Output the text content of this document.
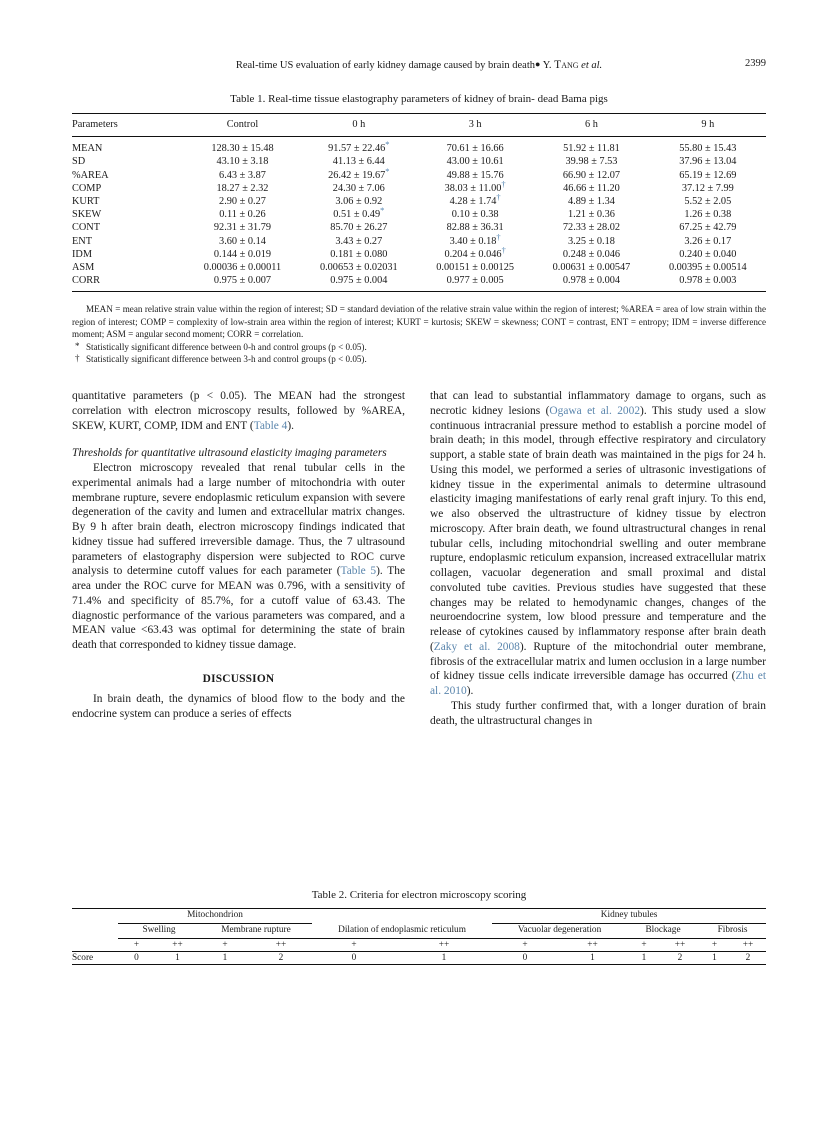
Real-time US evaluation of early kidney damage caused by brain death● Y. Tang et al.	2399
Table 1. Real-time tissue elastography parameters of kidney of brain- dead Bama pigs
Parameters	Control	0 h	3 h	6 h	9 h
MEAN	128.30 ± 15.48	91.57 ± 22.46*	70.61 ± 16.66	51.92 ± 11.81	55.80 ± 15.43
SD	43.10 ± 3.18	41.13 ± 6.44	43.00 ± 10.61	39.98 ± 7.53	37.96 ± 13.04
%AREA	6.43 ± 3.87	26.42 ± 19.67*	49.88 ± 15.76	66.90 ± 12.07	65.19 ± 12.69
COMP	18.27 ± 2.32	24.30 ± 7.06	38.03 ± 11.00†	46.66 ± 11.20	37.12 ± 7.99
KURT	2.90 ± 0.27	3.06 ± 0.92	4.28 ± 1.74†	4.89 ± 1.34	5.52 ± 2.05
SKEW	0.11 ± 0.26	0.51 ± 0.49*	0.10 ± 0.38	1.21 ± 0.36	1.26 ± 0.38
CONT	92.31 ± 31.79	85.70 ± 26.27	82.88 ± 36.31	72.33 ± 28.02	67.25 ± 42.79
ENT	3.60 ± 0.14	3.43 ± 0.27	3.40 ± 0.18†	3.25 ± 0.18	3.26 ± 0.17
IDM	0.144 ± 0.019	0.181 ± 0.080	0.204 ± 0.046†	0.248 ± 0.046	0.240 ± 0.040
ASM	0.00036 ± 0.00011	0.00653 ± 0.02031	0.00151 ± 0.00125	0.00631 ± 0.00547	0.00395 ± 0.00514
CORR	0.975 ± 0.007	0.975 ± 0.004	0.977 ± 0.005	0.978 ± 0.004	0.978 ± 0.003
MEAN = mean relative strain value within the region of interest; SD = standard deviation of the relative strain value within the region of interest; %AREA = area of low strain within the region of interest; COMP = complexity of low-strain area within the region of interest; KURT = kurtosis; SKEW = skewness; CONT = contrast, ENT = entropy; IDM = inverse difference moment; ASM = angular second moment; CORR = correlation.
* Statistically significant difference between 0-h and control groups (p < 0.05).
† Statistically significant difference between 3-h and control groups (p < 0.05).

quantitative parameters (p < 0.05). The MEAN had the strongest correlation with electron microscopy results, followed by %AREA, SKEW, KURT, COMP, IDM and ENT (Table 4).

Thresholds for quantitative ultrasound elasticity imaging parameters

Electron microscopy revealed that renal tubular cells in the experimental animals had a large number of mitochondria with outer membrane rupture, severe endoplasmic reticulum expansion with severe degeneration of the cavity and lumen and extracellular matrix changes. By 9 h after brain death, electron microscopy findings indicated that kidney tissue had suffered irreversible damage. Thus, the 7 ultrasound parameters of elastography dispersion were subjected to ROC curve analysis to determine cutoff values for each parameter (Table 5). The area under the ROC curve for MEAN was 0.796, with a sensitivity of 71.4% and specificity of 85.7%, for a cutoff value of 63.43. The diagnostic performance of the various parameters was compared, and a MEAN value <63.43 was optimal for determining the state of brain death that corresponded to kidney tissue damage.

DISCUSSION

In brain death, the dynamics of blood flow to the body and the endocrine system can produce a series of effects

that can lead to substantial inflammatory damage to organs, such as necrotic kidney lesions (Ogawa et al. 2002). This study used a slow continuous intracranial pressure method to establish a porcine model of brain death; in this model, through effective respiratory and circulatory support, a stable state of brain death was maintained in the pigs for 24 h. Using this model, we performed a series of ultrasonic investigations of kidney tissue in the experimental animals to determine ultrasound elasticity imaging manifestations of early renal graft injury. To this end, we also observed the ultrastructure of kidney tissue by electron microscopy. After brain death, we found ultrastructural changes in renal tubular cells, including mitochondrial swelling and outer membrane rupture, endoplasmic reticulum expansion, increased extracellular matrix collagen, vacuolar degeneration and small proximal and distal convoluted tube cavities. Previous studies have suggested that these changes may be related to hemodynamic changes, changes of the neuroendocrine system, low blood pressure and temperature and the release of cytokines caused by inflammatory response after brain death (Zaky et al. 2008). Rupture of the mitochondrial outer membrane, fibrosis of the extracellular matrix and lumen occlusion in a large number of kidney tissue cells indicate irreversible damage has occurred (Zhu et al. 2010).

This study further confirmed that, with a longer duration of brain death, the ultrastructural changes in

Table 2. Criteria for electron microscopy scoring
	Mitochondrion						Kidney tubules					
	Swelling		Membrane rupture		Dilation of endoplasmic reticulum		Vacuolar degeneration		Blockage		Fibrosis	
	+	++	+	++	+	++	+	++	+	++	+	++
Score	0	1	1	2	0	1	0	1	1	2	1	2
